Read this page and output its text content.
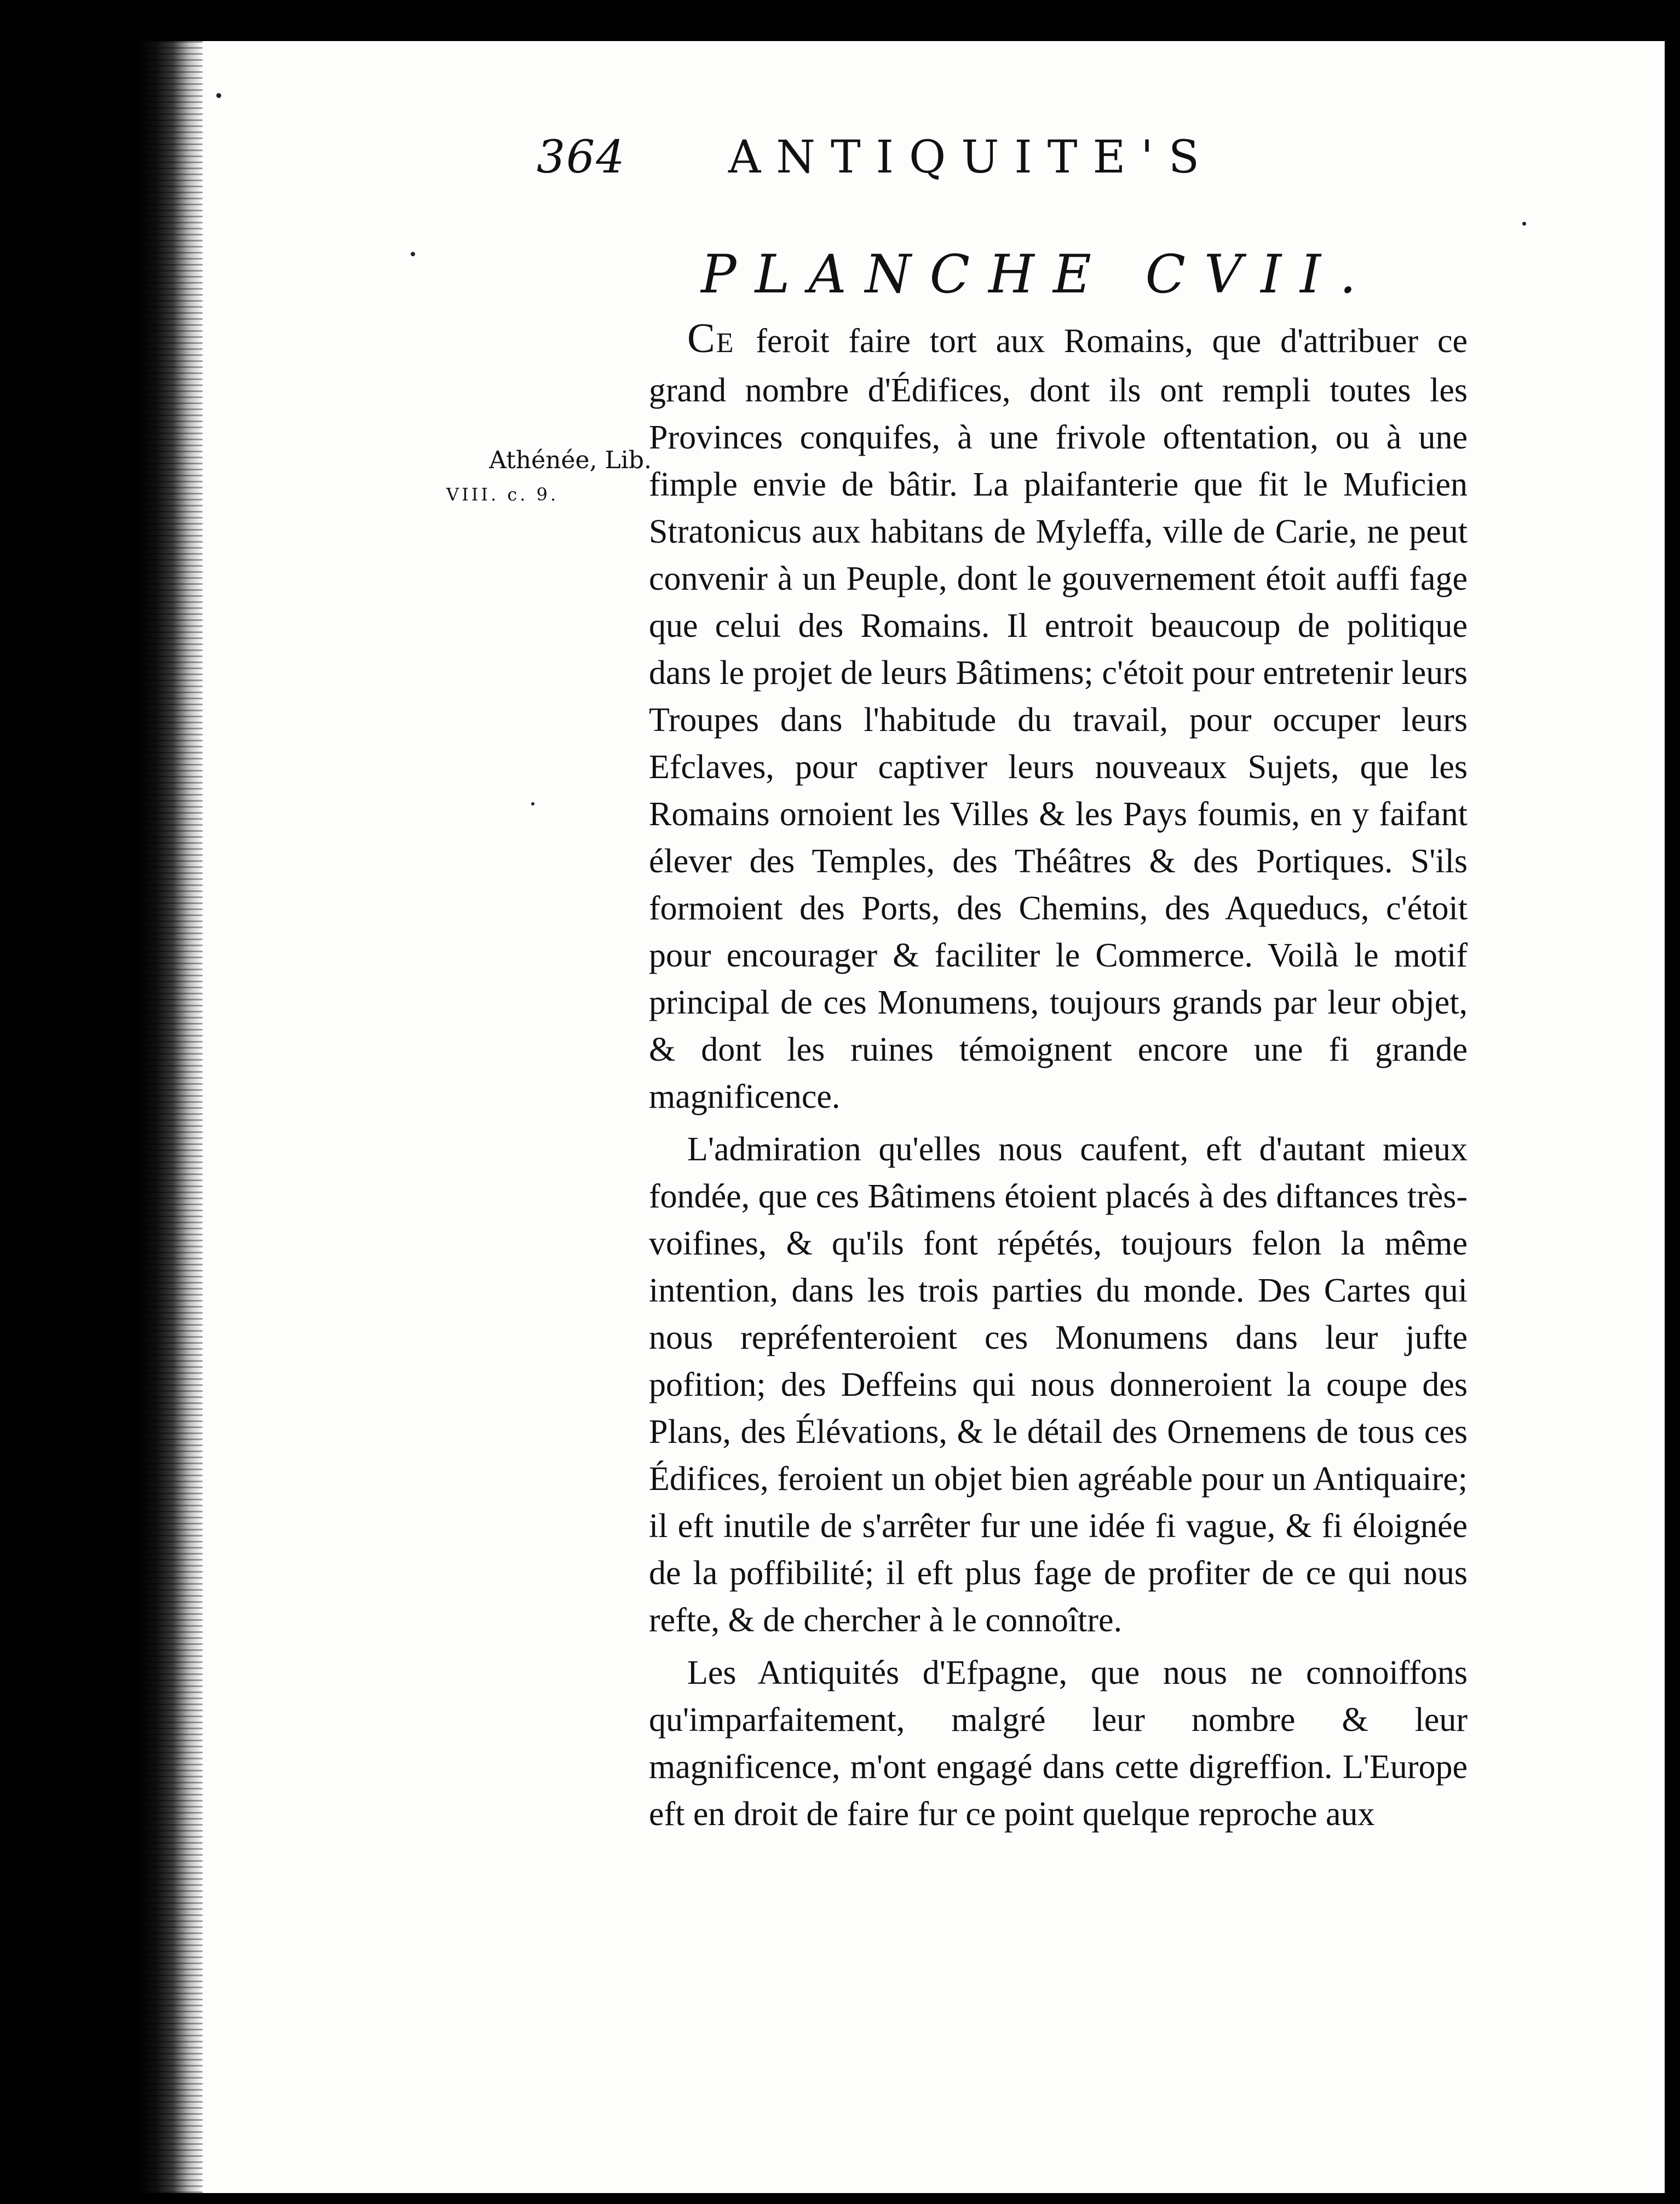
364 ANTIQUITE'S
PLANCHE CVII.
Athénée, Lib.
VIII. c. 9.

CE feroit faire tort aux Romains, que d'attribuer ce grand nombre d'Édifices, dont ils ont rempli toutes les Provinces conquifes, à une frivole oftentation, ou à une fimple envie de bâtir. La plaifanterie que fit le Muficien Stratonicus aux habitans de Myleffa, ville de Carie, ne peut convenir à un Peuple, dont le gouvernement étoit auffi fage que celui des Romains. Il entroit beaucoup de politique dans le projet de leurs Bâtimens; c'étoit pour entretenir leurs Troupes dans l'habitude du travail, pour occuper leurs Efclaves, pour captiver leurs nouveaux Sujets, que les Romains ornoient les Villes & les Pays foumis, en y faifant élever des Temples, des Théâtres & des Portiques. S'ils formoient des Ports, des Chemins, des Aqueducs, c'étoit pour encourager & faciliter le Commerce. Voilà le motif principal de ces Monumens, toujours grands par leur objet, & dont les ruines témoignent encore une fi grande magnificence.

L'admiration qu'elles nous caufent, eft d'autant mieux fondée, que ces Bâtimens étoient placés à des diftances très-voifines, & qu'ils font répétés, toujours felon la même intention, dans les trois parties du monde. Des Cartes qui nous repréfenteroient ces Monumens dans leur jufte pofition; des Deffeins qui nous donneroient la coupe des Plans, des Élévations, & le détail des Ornemens de tous ces Édifices, feroient un objet bien agréable pour un Antiquaire; il eft inutile de s'arrêter fur une idée fi vague, & fi éloignée de la poffibilité; il eft plus fage de profiter de ce qui nous refte, & de chercher à le connoître.

Les Antiquités d'Efpagne, que nous ne connoiffons qu'imparfaitement, malgré leur nombre & leur magnificence, m'ont engagé dans cette digreffion. L'Europe eft en droit de faire fur ce point quelque reproche aux
